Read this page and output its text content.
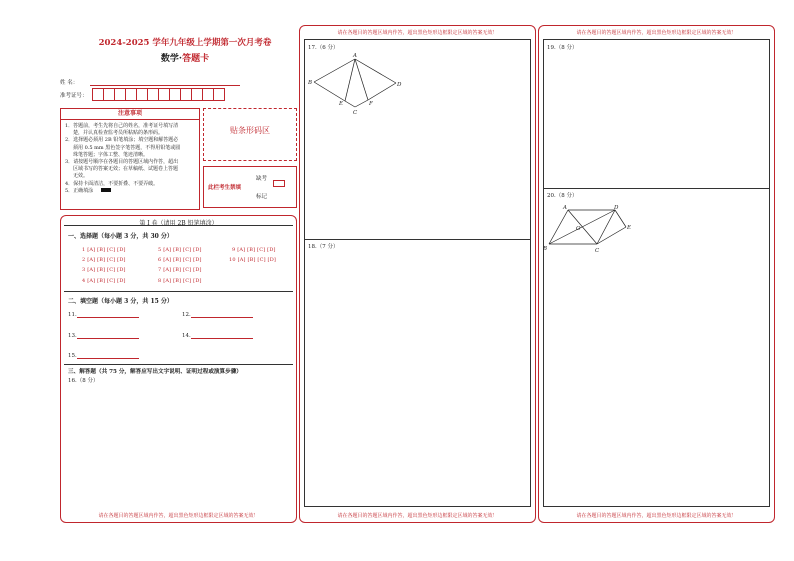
2024-2025 学年九年级上学期第一次月考卷
数学·答题卡
姓 名：
准考证号：
注意事项
1．答题前，考生先将自己的姓名，准考证号填写清
楚，并认真检查监考员所粘贴的条形码。
2．选择题必须用 2B 铅笔填涂；填空题和解答题必
须用 0.5 mm 黑色签字笔答题，不得用铅笔或圆
珠笔答题；字体工整、笔迹清晰。
3．请按题号顺序在各题目的答题区域内作答，超出
区域书写的答案无效；在草稿纸、试题卷上答题
无效。
4．保持卡面清洁，不要折叠、不要弄破。
5．正确填涂
贴条形码区
此栏考生禁填
缺考
标记
第 I 卷（请用 2B 铅笔填涂）
一、选择题（每小题 3 分，共 30 分）
1 [A] [B] [C] [D]
2 [A] [B] [C] [D]
3 [A] [B] [C] [D]
4 [A] [B] [C] [D]
5 [A] [B] [C] [D]
6 [A] [B] [C] [D]
7 [A] [B] [C] [D]
8 [A] [B] [C] [D]
9 [A] [B] [C] [D]
10 [A] [B] [C] [D]
二、填空题（每小题 3 分，共 15 分）
11.	12.
13.	14.
15.
三、解答题（共 75 分，解答应写出文字说明、证明过程或演算步骤）
16.（8 分）
请在各题目的答题区域内作答，超出黑色矩形边框限定区域的答案无效！
请在各题目的答题区域内作答，超出黑色矩形边框限定区域的答案无效！
17.（6 分）
A
B
E
C
F
D
18.（7 分）
请在各题目的答题区域内作答，超出黑色矩形边框限定区域的答案无效！
请在各题目的答题区域内作答，超出黑色矩形边框限定区域的答案无效！
19.（8 分）
20.（8 分）
A	D
E
O
B	C
请在各题目的答题区域内作答，超出黑色矩形边框限定区域的答案无效！
